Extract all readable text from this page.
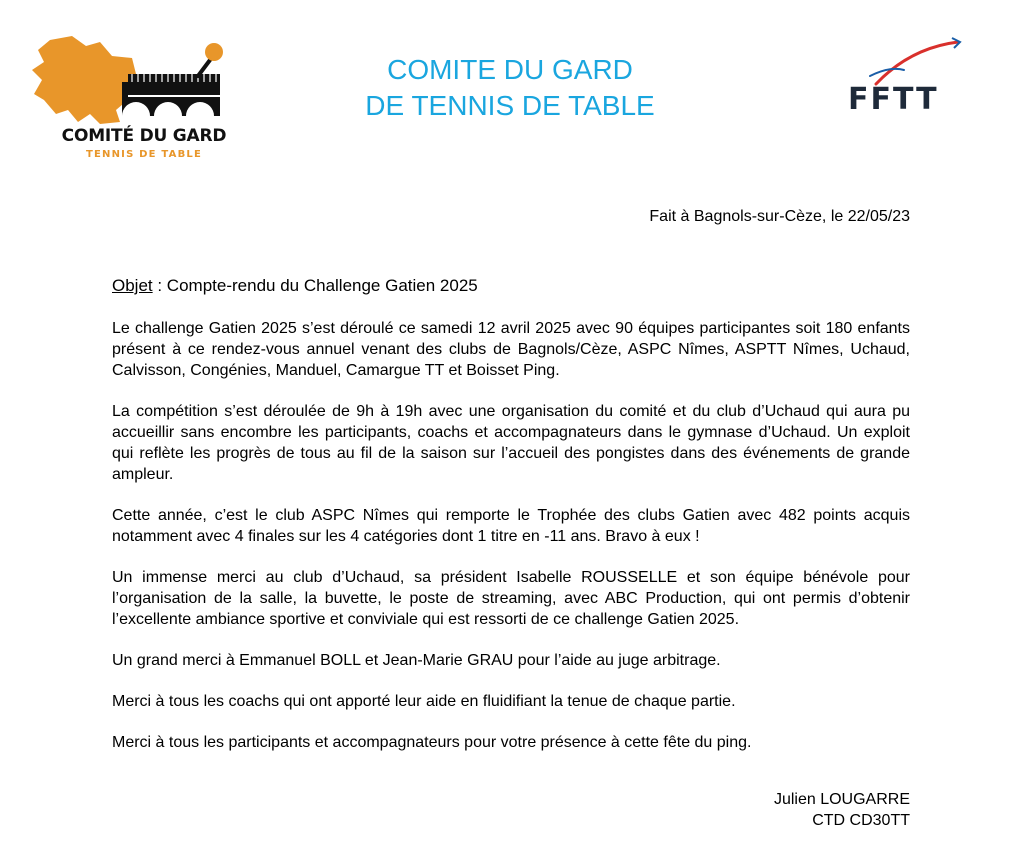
COMITÉ DU GARD
TENNIS DE TABLE
COMITE DU GARD
DE TENNIS DE TABLE	FFTT
Fait à Bagnols-sur-Cèze, le 22/05/23

Objet : Compte-rendu du Challenge Gatien 2025

Le challenge Gatien 2025 s’est déroulé ce samedi 12 avril 2025 avec 90 équipes participantes soit 180 enfants présent à ce rendez-vous annuel venant des clubs de Bagnols/Cèze, ASPC Nîmes, ASPTT Nîmes, Uchaud, Calvisson, Congénies, Manduel, Camargue TT et Boisset Ping.

La compétition s’est déroulée de 9h à 19h avec une organisation du comité et du club d’Uchaud qui aura pu accueillir sans encombre les participants, coachs et accompagnateurs dans le gymnase d’Uchaud. Un exploit qui reflète les progrès de tous au fil de la saison sur l’accueil des pongistes dans des événements de grande ampleur.

Cette année, c’est le club ASPC Nîmes qui remporte le Trophée des clubs Gatien avec 482 points acquis notamment avec 4 finales sur les 4 catégories dont 1 titre en -11 ans. Bravo à eux !

Un immense merci au club d’Uchaud, sa président Isabelle ROUSSELLE et son équipe bénévole pour l’organisation de la salle, la buvette, le poste de streaming, avec ABC Production, qui ont permis d’obtenir l’excellente ambiance sportive et conviviale qui est ressorti de ce challenge Gatien 2025.

Un grand merci à Emmanuel BOLL et Jean-Marie GRAU pour l’aide au juge arbitrage.

Merci à tous les coachs qui ont apporté leur aide en fluidifiant la tenue de chaque partie.

Merci à tous les participants et accompagnateurs pour votre présence à cette fête du ping.

Julien LOUGARRE
CTD CD30TT
